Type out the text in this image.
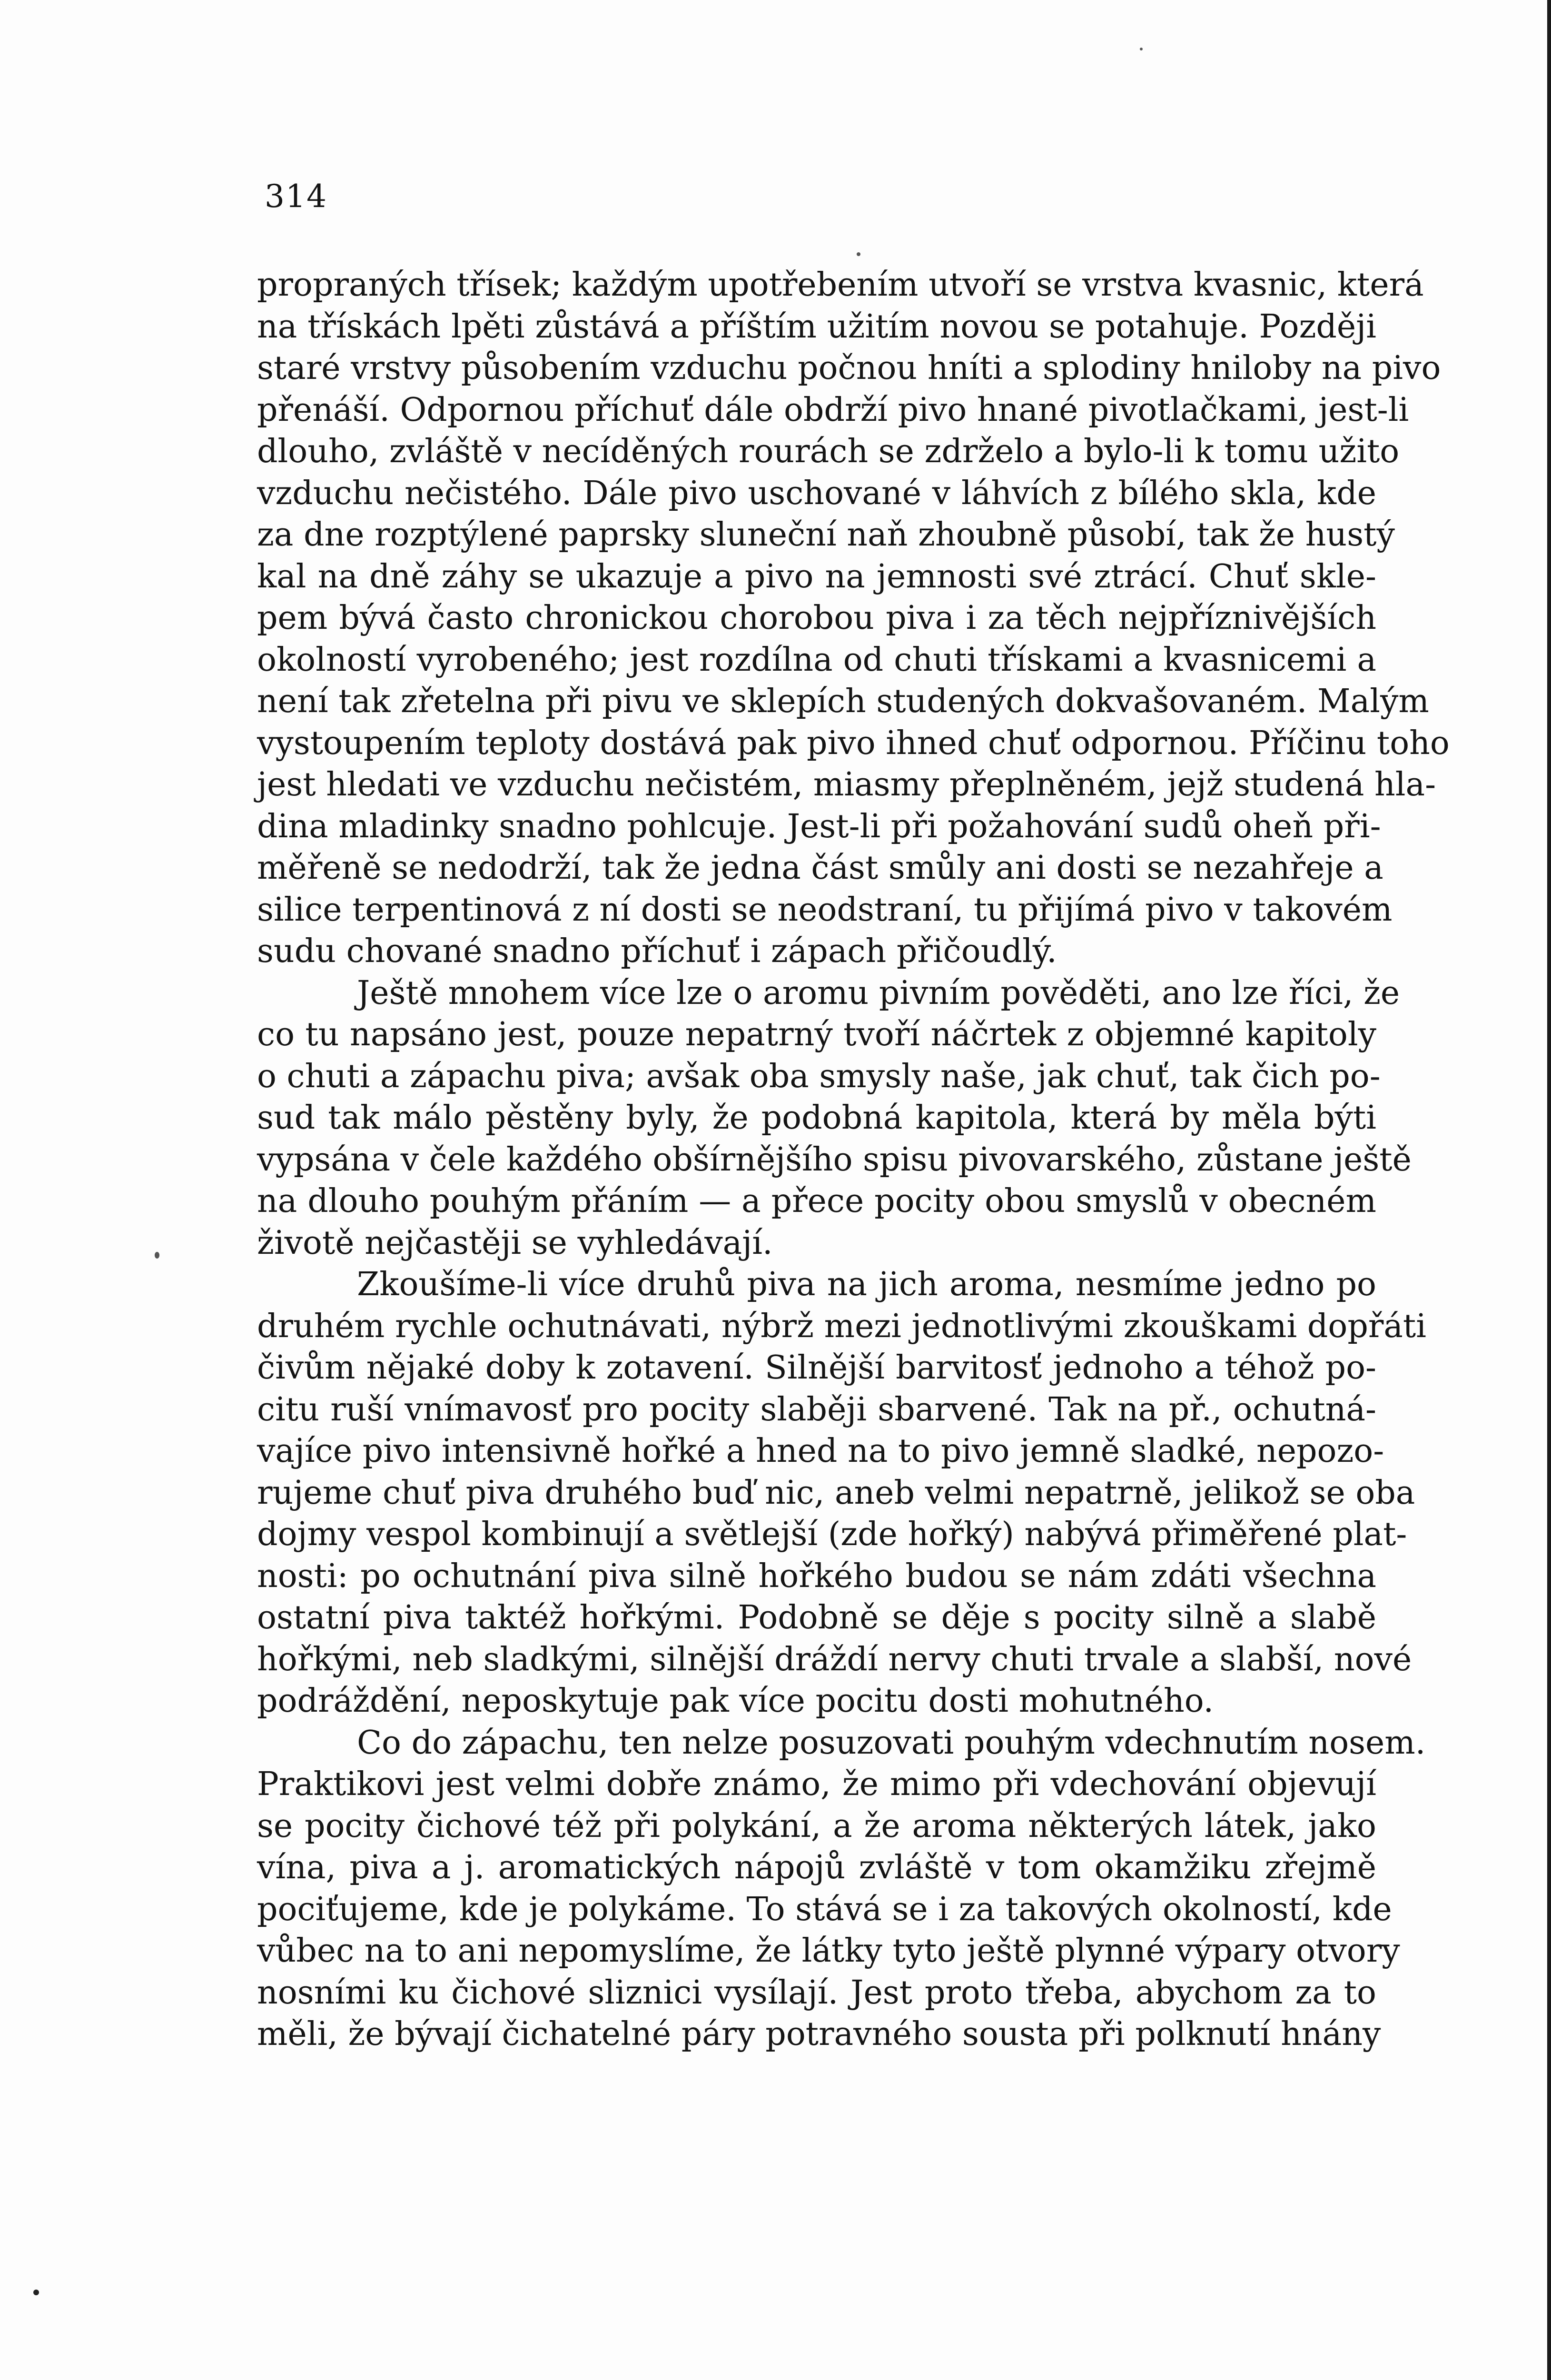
314
propraných třísek; každým upotřebením utvoří se vrstva kvasnic, která
na třískách lpěti zůstává a příštím užitím novou se potahuje. Později
staré vrstvy působením vzduchu počnou hníti a splodiny hniloby na pivo
přenáší. Odpornou příchuť dále obdrží pivo hnané pivotlačkami, jest-li
dlouho, zvláště v necíděných rourách se zdrželo a bylo-li k tomu užito
vzduchu nečistého. Dále pivo uschované v láhvích z bílého skla, kde
za dne rozptýlené paprsky sluneční naň zhoubně působí, tak že hustý
kal na dně záhy se ukazuje a pivo na jemnosti své ztrácí. Chuť skle-
pem bývá často chronickou chorobou piva i za těch nejpříznivějších
okolností vyrobeného; jest rozdílna od chuti třískami a kvasnicemi a
není tak zřetelna při pivu ve sklepích studených dokvašovaném. Malým
vystoupením teploty dostává pak pivo ihned chuť odpornou. Příčinu toho
jest hledati ve vzduchu nečistém, miasmy přeplněném, jejž studená hla-
dina mladinky snadno pohlcuje. Jest-li při požahování sudů oheň při-
měřeně se nedodrží, tak že jedna část smůly ani dosti se nezahřeje a
silice terpentinová z ní dosti se neodstraní, tu přijímá pivo v takovém
sudu chované snadno příchuť i zápach přičoudlý.
Ještě mnohem více lze o aromu pivním pověděti, ano lze říci, že
co tu napsáno jest, pouze nepatrný tvoří náčrtek z objemné kapitoly
o chuti a zápachu piva; avšak oba smysly naše, jak chuť, tak čich po-
sud tak málo pěstěny byly, že podobná kapitola, která by měla býti
vypsána v čele každého obšírnějšího spisu pivovarského, zůstane ještě
na dlouho pouhým přáním — a přece pocity obou smyslů v obecném
životě nejčastěji se vyhledávají.
Zkoušíme-li více druhů piva na jich aroma, nesmíme jedno po
druhém rychle ochutnávati, nýbrž mezi jednotlivými zkouškami dopřáti
čivům nějaké doby k zotavení. Silnější barvitosť jednoho a téhož po-
citu ruší vnímavosť pro pocity slaběji sbarvené. Tak na př., ochutná-
vajíce pivo intensivně hořké a hned na to pivo jemně sladké, nepozo-
rujeme chuť piva druhého buď nic, aneb velmi nepatrně, jelikož se oba
dojmy vespol kombinují a světlejší (zde hořký) nabývá přiměřené plat-
nosti: po ochutnání piva silně hořkého budou se nám zdáti všechna
ostatní piva taktéž hořkými. Podobně se děje s pocity silně a slabě
hořkými, neb sladkými, silnější dráždí nervy chuti trvale a slabší, nové
podráždění, neposkytuje pak více pocitu dosti mohutného.
Co do zápachu, ten nelze posuzovati pouhým vdechnutím nosem.
Praktikovi jest velmi dobře známo, že mimo při vdechování objevují
se pocity čichové též při polykání, a že aroma některých látek, jako
vína, piva a j. aromatických nápojů zvláště v tom okamžiku zřejmě
pociťujeme, kde je polykáme. To stává se i za takových okolností, kde
vůbec na to ani nepomyslíme, že látky tyto ještě plynné výpary otvory
nosními ku čichové sliznici vysílají. Jest proto třeba, abychom za to
měli, že bývají čichatelné páry potravného sousta při polknutí hnány
